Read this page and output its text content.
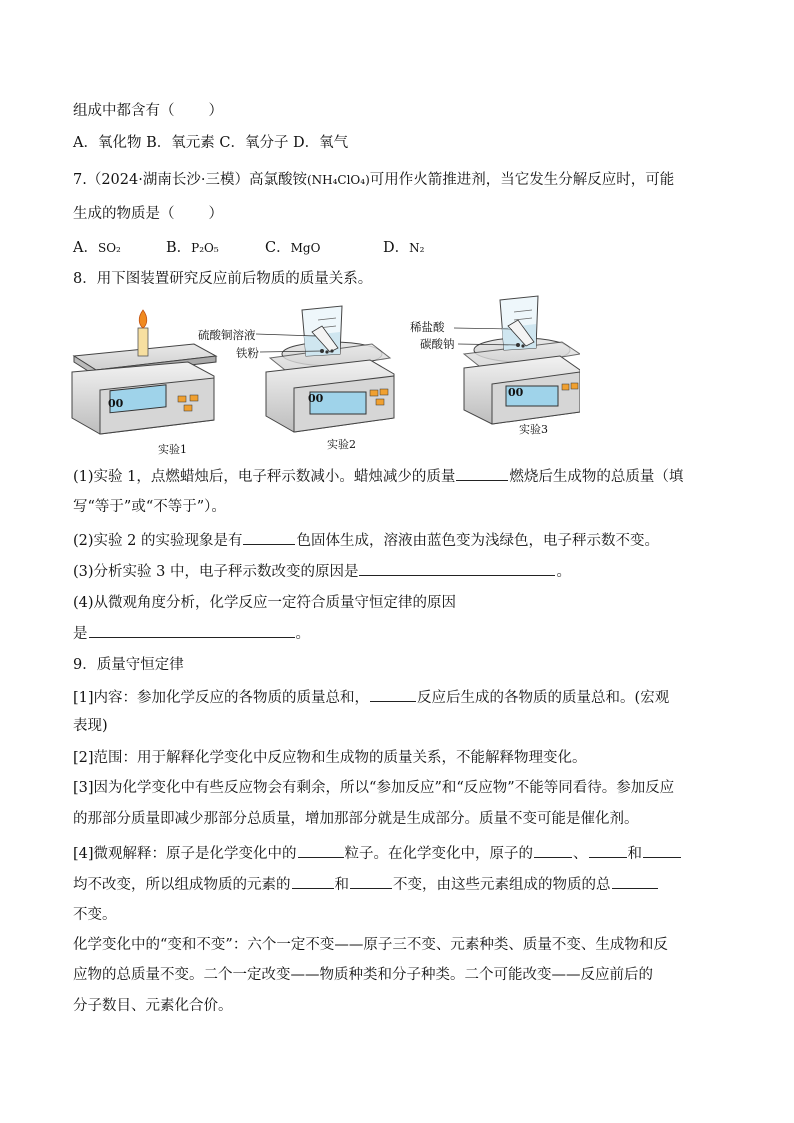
组成中都含有（ ）
A．氧化物 B．氧元素 C．氧分子 D．氧气
7.（2024·湖南长沙·三模）高氯酸铵(NH₄ClO₄)可用作火箭推进剂，当它发生分解反应时，可能
生成的物质是（ ）
A．SO₂	B．P₂O₅	C．MgO	D．N₂
8．用下图装置研究反应前后物质的质量关系。
00	00	00
硫酸铜溶液
铁粉
稀盐酸
碳酸钠
实验1	实验2
实验3
(1)实验 1，点燃蜡烛后，电子秤示数减小。蜡烛减少的质量	燃烧后生成物的总质量（填
写“等于”或“不等于”）。
(2)实验 2 的实验现象是有	色固体生成，溶液由蓝色变为浅绿色，电子秤示数不变。
(3)分析实验 3 中，电子秤示数改变的原因是	。
(4)从微观角度分析，化学反应一定符合质量守恒定律的原因
是	。
9．质量守恒定律
[1]内容：参加化学反应的各物质的质量总和，	反应后生成的各物质的质量总和。(宏观
表现)
[2]范围：用于解释化学变化中反应物和生成物的质量关系，不能解释物理变化。
[3]因为化学变化中有些反应物会有剩余，所以“参加反应”和“反应物”不能等同看待。参加反应
的那部分质量即减少那部分总质量，增加那部分就是生成部分。质量不变可能是催化剂。
[4]微观解释：原子是化学变化中的	粒子。在化学变化中，原子的	、	和
均不改变，所以组成物质的元素的	和	不变，由这些元素组成的物质的总
不变。
化学变化中的“变和不变”：六个一定不变——原子三不变、元素种类、质量不变、生成物和反
应物的总质量不变。二个一定改变——物质种类和分子种类。二个可能改变——反应前后的
分子数目、元素化合价。
